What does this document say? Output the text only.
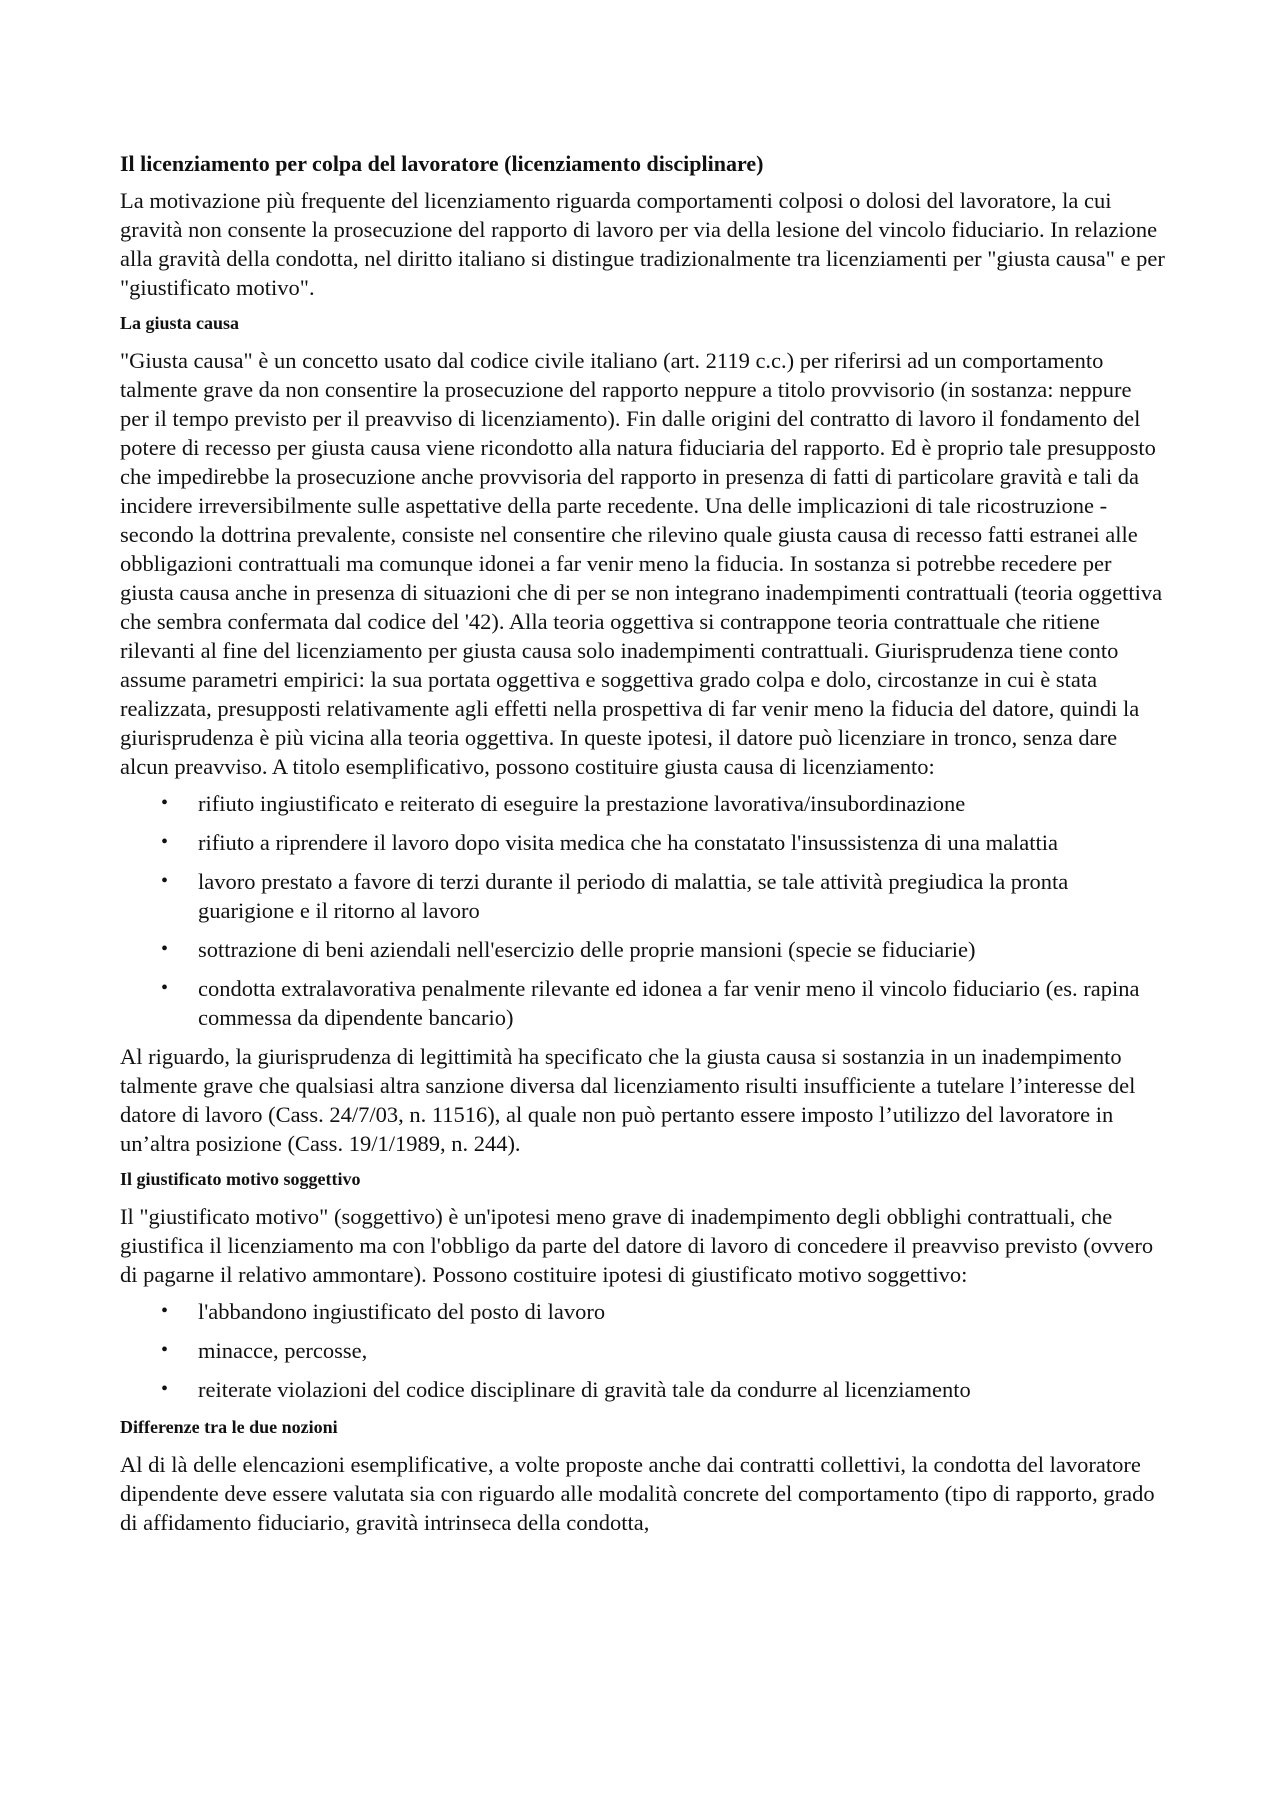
Il licenziamento per colpa del lavoratore (licenziamento disciplinare)

La motivazione più frequente del licenziamento riguarda comportamenti colposi o dolosi del lavoratore, la cui gravità non consente la prosecuzione del rapporto di lavoro per via della lesione del vincolo fiduciario. In relazione alla gravità della condotta, nel diritto italiano si distingue tradizionalmente tra licenziamenti per "giusta causa" e per "giustificato motivo".

La giusta causa

"Giusta causa" è un concetto usato dal codice civile italiano (art. 2119 c.c.) per riferirsi ad un comportamento talmente grave da non consentire la prosecuzione del rapporto neppure a titolo provvisorio (in sostanza: neppure per il tempo previsto per il preavviso di licenziamento). Fin dalle origini del contratto di lavoro il fondamento del potere di recesso per giusta causa viene ricondotto alla natura fiduciaria del rapporto. Ed è proprio tale presupposto che impedirebbe la prosecuzione anche provvisoria del rapporto in presenza di fatti di particolare gravità e tali da incidere irreversibilmente sulle aspettative della parte recedente. Una delle implicazioni di tale ricostruzione - secondo la dottrina prevalente, consiste nel consentire che rilevino quale giusta causa di recesso fatti estranei alle obbligazioni contrattuali ma comunque idonei a far venir meno la fiducia. In sostanza si potrebbe recedere per giusta causa anche in presenza di situazioni che di per se non integrano inadempimenti contrattuali (teoria oggettiva che sembra confermata dal codice del '42). Alla teoria oggettiva si contrappone teoria contrattuale che ritiene rilevanti al fine del licenziamento per giusta causa solo inadempimenti contrattuali. Giurisprudenza tiene conto assume parametri empirici: la sua portata oggettiva e soggettiva grado colpa e dolo, circostanze in cui è stata realizzata, presupposti relativamente agli effetti nella prospettiva di far venir meno la fiducia del datore, quindi la giurisprudenza è più vicina alla teoria oggettiva. In queste ipotesi, il datore può licenziare in tronco, senza dare alcun preavviso. A titolo esemplificativo, possono costituire giusta causa di licenziamento:

• rifiuto ingiustificato e reiterato di eseguire la prestazione lavorativa/insubordinazione
• rifiuto a riprendere il lavoro dopo visita medica che ha constatato l'insussistenza di una malattia
• lavoro prestato a favore di terzi durante il periodo di malattia, se tale attività pregiudica la pronta guarigione e il ritorno al lavoro
• sottrazione di beni aziendali nell'esercizio delle proprie mansioni (specie se fiduciarie)
• condotta extralavorativa penalmente rilevante ed idonea a far venir meno il vincolo fiduciario (es. rapina commessa da dipendente bancario)

Al riguardo, la giurisprudenza di legittimità ha specificato che la giusta causa si sostanzia in un inadempimento talmente grave che qualsiasi altra sanzione diversa dal licenziamento risulti insufficiente a tutelare l’interesse del datore di lavoro (Cass. 24/7/03, n. 11516), al quale non può pertanto essere imposto l’utilizzo del lavoratore in un’altra posizione (Cass. 19/1/1989, n. 244).

Il giustificato motivo soggettivo

Il "giustificato motivo" (soggettivo) è un'ipotesi meno grave di inadempimento degli obblighi contrattuali, che giustifica il licenziamento ma con l'obbligo da parte del datore di lavoro di concedere il preavviso previsto (ovvero di pagarne il relativo ammontare). Possono costituire ipotesi di giustificato motivo soggettivo:

• l'abbandono ingiustificato del posto di lavoro
• minacce, percosse,
• reiterate violazioni del codice disciplinare di gravità tale da condurre al licenziamento
Differenze tra le due nozioni

Al di là delle elencazioni esemplificative, a volte proposte anche dai contratti collettivi, la condotta del lavoratore dipendente deve essere valutata sia con riguardo alle modalità concrete del comportamento (tipo di rapporto, grado di affidamento fiduciario, gravità intrinseca della condotta,
